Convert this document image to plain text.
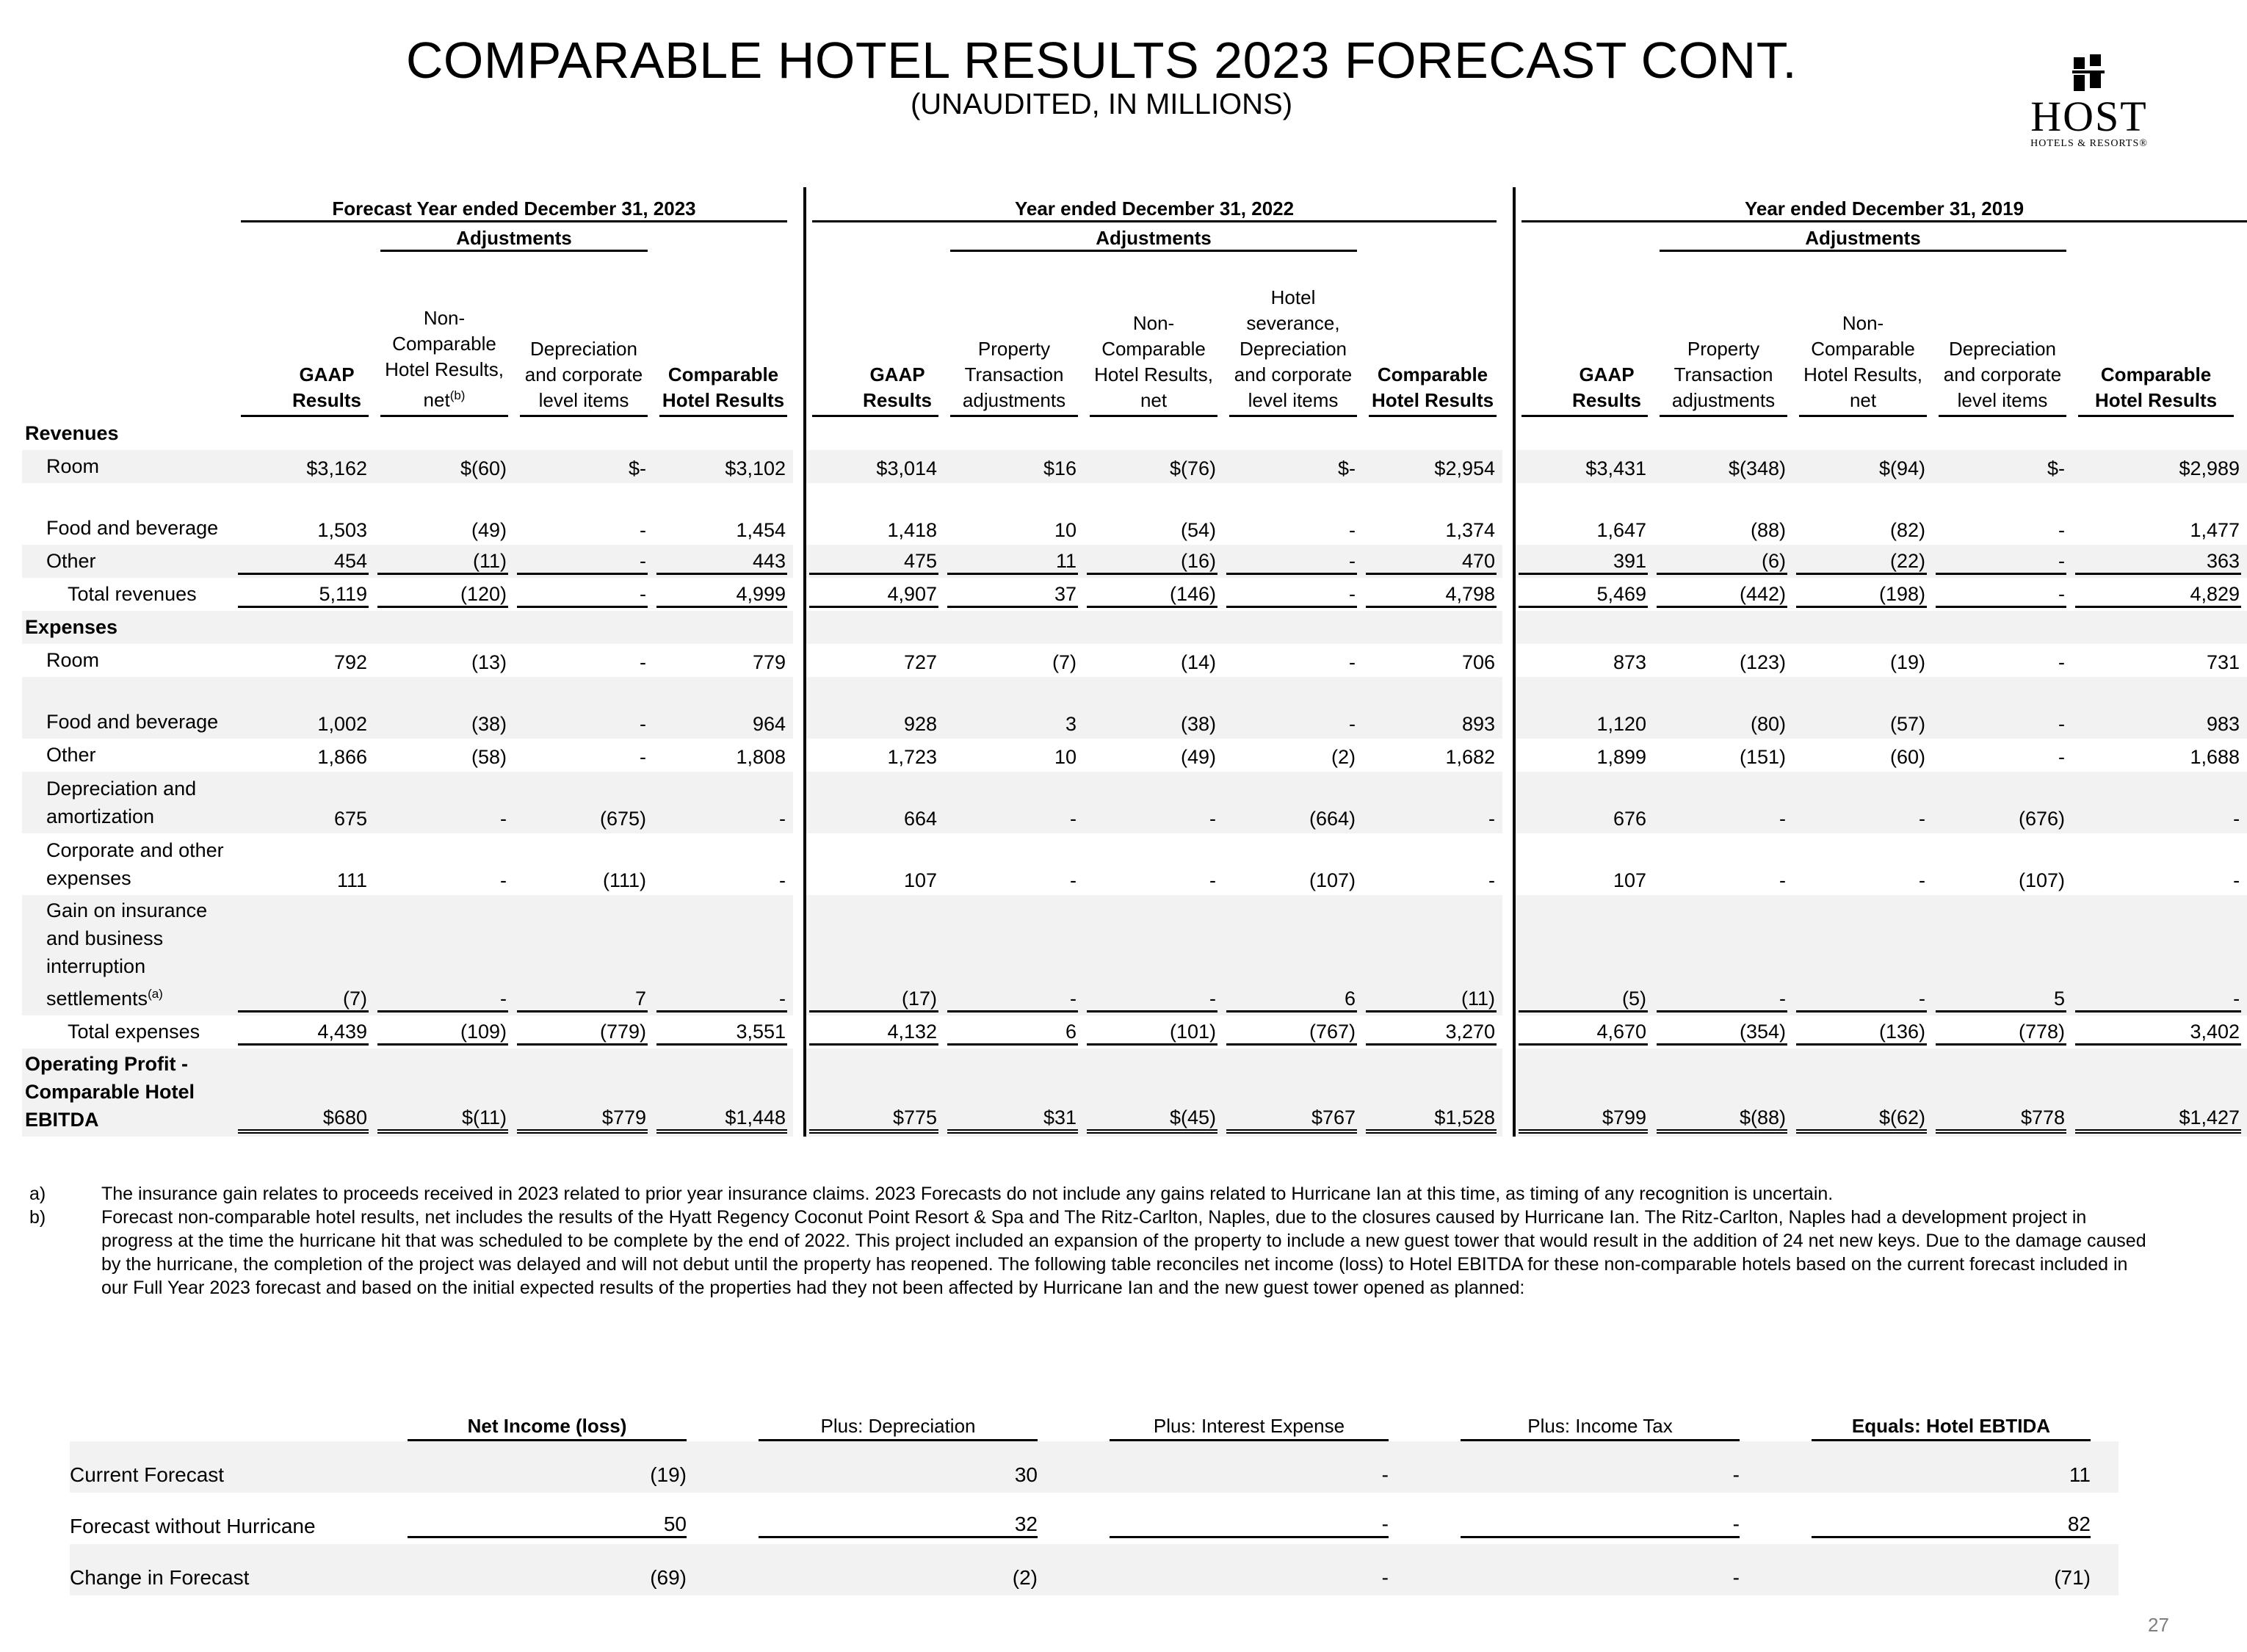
COMPARABLE HOTEL RESULTS 2023 FORECAST CONT.
(UNAUDITED, IN MILLIONS)	HOST
HOTELS & RESORTS®

	Forecast Year ended December 31, 2023					Year ended December 31, 2022						Year ended December 31, 2019				

		Adjustments					Adjustments						Adjustments			

	GAAP Results	Non-Comparable Hotel Results, net$^{(b)}$	Depreciation and corporate level items	Comparable Hotel Results		GAAP Results	Property Transaction adjustments	Non-Comparable Hotel Results, net	Hotel severance, Depreciation and corporate level items	Comparable Hotel Results		GAAP Results	Property Transaction adjustments	Non-Comparable Hotel Results, net	Depreciation and corporate level items	Comparable Hotel Results

Revenues																
Room	$3,162	$(60)	$-	$3,102		$3,014	$16	$(76)	$-	$2,954		$3,431	$(348)	$(94)	$-	$2,989

Food and beverage	1,503	(49)	-	1,454		1,418	10	(54)	-	1,374		1,647	(88)	(82)	-	1,477

Other	454	(11)	-	443		475	11	(16)	-	470		391	(6)	(22)	-	363

Total revenues	5,119	(120)	-	4,999		4,907	37	(146)	-	4,798		5,469	(442)	(198)	-	4,829

Expenses																
Room	792	(13)	-	779		727	(7)	(14)	-	706		873	(123)	(19)	-	731

Food and beverage	1,002	(38)	-	964		928	3	(38)	-	893		1,120	(80)	(57)	-	983

Other	1,866	(58)	-	1,808		1,723	10	(49)	(2)	1,682		1,899	(151)	(60)	-	1,688

Depreciation and amortization	675	-	(675)	-		664	-	-	(664)	-		676	-	-	(676)	-

Corporate and other expenses	111	-	(111)	-		107	-	-	(107)	-		107	-	-	(107)	-

Gain on insurance and business interruption settlements$^{(a)}$	(7)	-	7	-		(17)	-	-	6	(11)		(5)	-	-	5	-

Total expenses	4,439	(109)	(779)	3,551		4,132	6	(101)	(767)	3,270		4,670	(354)	(136)	(778)	3,402

Operating Profit - Comparable Hotel EBITDA	$680	$(11)	$779	$1,448		$775	$31	$(45)	$767	$1,528		$799	$(88)	$(62)	$778	$1,427
a)	The insurance gain relates to proceeds received in 2023 related to prior year insurance claims. 2023 Forecasts do not include any gains related to Hurricane Ian at this time, as timing of any recognition is uncertain.
b)	Forecast non-comparable hotel results, net includes the results of the Hyatt Regency Coconut Point Resort & Spa and The Ritz-Carlton, Naples, due to the closures caused by Hurricane Ian. The Ritz-Carlton, Naples had a development project in progress at the time the hurricane hit that was scheduled to be complete by the end of 2022. This project included an expansion of the property to include a new guest tower that would result in the addition of 24 net new keys. Due to the damage caused by the hurricane, the completion of the project was delayed and will not debut until the property has reopened. The following table reconciles net income (loss) to Hotel EBITDA for these non-comparable hotels based on the current forecast included in our Full Year 2023 forecast and based on the initial expected results of the properties had they not been affected by Hurricane Ian and the new guest tower opened as planned:

	Net Income (loss)	Plus: Depreciation	Plus: Interest Expense	Plus: Income Tax	Equals: Hotel EBTIDA

Current Forecast	(19)	30	-	-	11

Forecast without Hurricane	50	32	-	-	82

Change in Forecast	(69)	(2)	-	-	(71)
27
